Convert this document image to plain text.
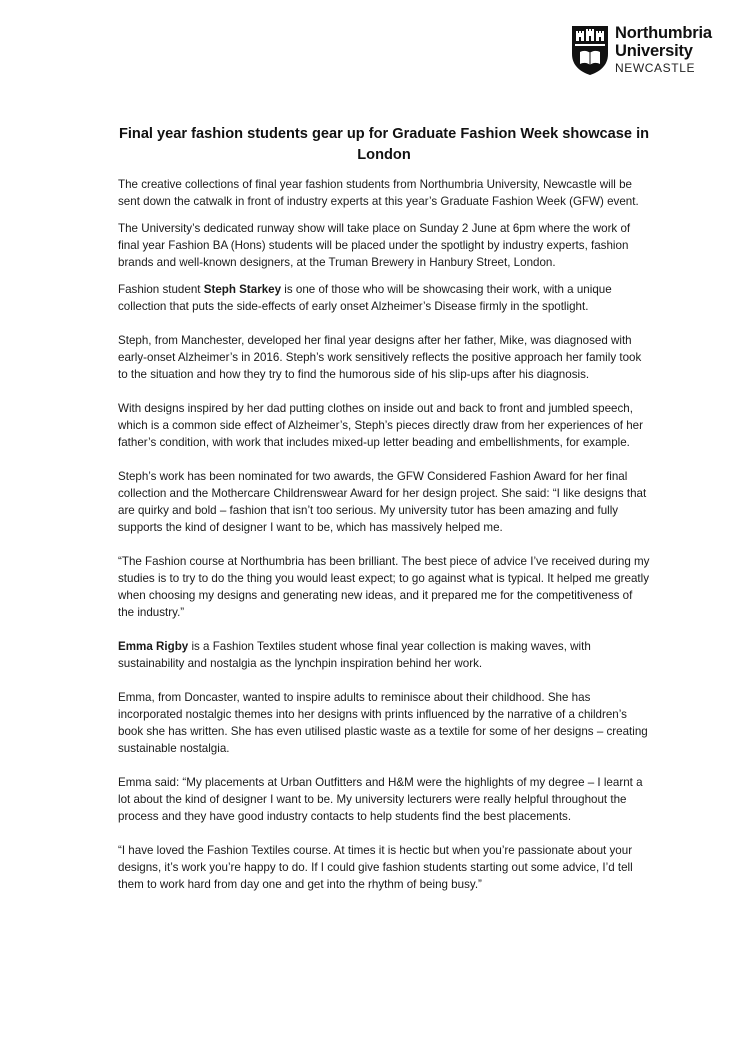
Northumbria
University
NEWCASTLE
Final year fashion students gear up for Graduate Fashion Week showcase in London

The creative collections of final year fashion students from Northumbria University, Newcastle will be sent down the catwalk in front of industry experts at this year’s Graduate Fashion Week (GFW) event.

The University’s dedicated runway show will take place on Sunday 2 June at 6pm where the work of final year Fashion BA (Hons) students will be placed under the spotlight by industry experts, fashion brands and well-known designers, at the Truman Brewery in Hanbury Street, London.

Fashion student Steph Starkey is one of those who will be showcasing their work, with a unique collection that puts the side-effects of early onset Alzheimer’s Disease firmly in the spotlight.

Steph, from Manchester, developed her final year designs after her father, Mike, was diagnosed with early-onset Alzheimer’s in 2016. Steph’s work sensitively reflects the positive approach her family took to the situation and how they try to find the humorous side of his slip-ups after his diagnosis.

With designs inspired by her dad putting clothes on inside out and back to front and jumbled speech, which is a common side effect of Alzheimer’s, Steph’s pieces directly draw from her experiences of her father’s condition, with work that includes mixed-up letter beading and embellishments, for example.

Steph’s work has been nominated for two awards, the GFW Considered Fashion Award for her final collection and the Mothercare Childrenswear Award for her design project. She said: “I like designs that are quirky and bold – fashion that isn’t too serious. My university tutor has been amazing and fully supports the kind of designer I want to be, which has massively helped me.

“The Fashion course at Northumbria has been brilliant. The best piece of advice I’ve received during my studies is to try to do the thing you would least expect; to go against what is typical. It helped me greatly when choosing my designs and generating new ideas, and it prepared me for the competitiveness of the industry.”

Emma Rigby is a Fashion Textiles student whose final year collection is making waves, with sustainability and nostalgia as the lynchpin inspiration behind her work.

Emma, from Doncaster, wanted to inspire adults to reminisce about their childhood. She has incorporated nostalgic themes into her designs with prints influenced by the narrative of a children’s book she has written. She has even utilised plastic waste as a textile for some of her designs – creating sustainable nostalgia.

Emma said: “My placements at Urban Outfitters and H&M were the highlights of my degree – I learnt a lot about the kind of designer I want to be. My university lecturers were really helpful throughout the process and they have good industry contacts to help students find the best placements.

“I have loved the Fashion Textiles course. At times it is hectic but when you’re passionate about your designs, it’s work you’re happy to do. If I could give fashion students starting out some advice, I’d tell them to work hard from day one and get into the rhythm of being busy.”
